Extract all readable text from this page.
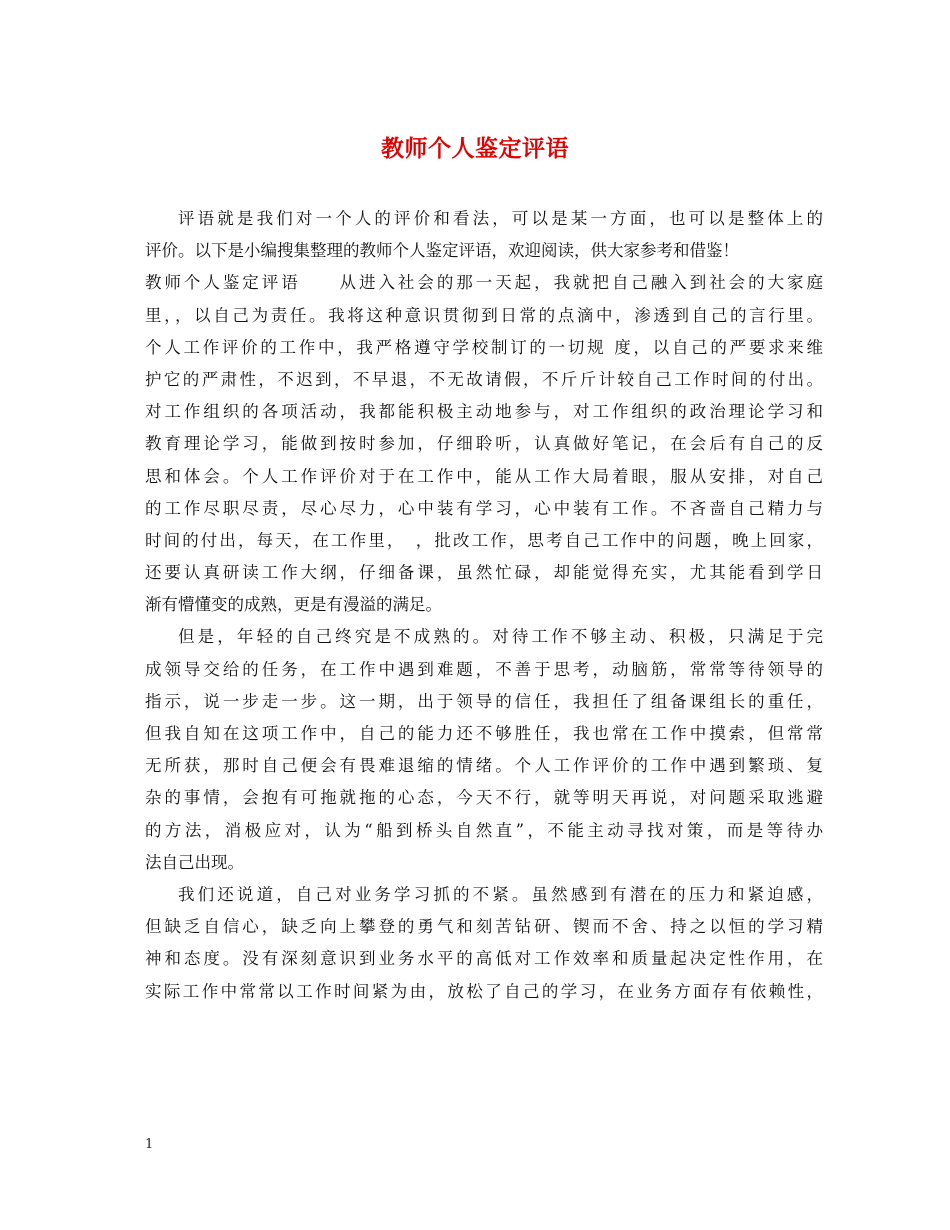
教师个人鉴定评语
评语就是我们对一个人的评价和看法，可以是某一方面，也可以是整体上的
评价。以下是小编搜集整理的教师个人鉴定评语，欢迎阅读，供大家参考和借鉴！
教师个人鉴定评语　　从进入社会的那一天起，我就把自己融入到社会的大家庭
里，，以自己为责任。我将这种意识贯彻到日常的点滴中，渗透到自己的言行里。
个人工作评价的工作中，我严格遵守学校制订的一切规 度，以自己的严要求来维
护它的严肃性，不迟到，不早退，不无故请假，不斤斤计较自己工作时间的付出。
对工作组织的各项活动，我都能积极主动地参与，对工作组织的政治理论学习和
教育理论学习，能做到按时参加，仔细聆听，认真做好笔记，在会后有自己的反
思和体会。个人工作评价对于在工作中，能从工作大局着眼，服从安排，对自己
的工作尽职尽责，尽心尽力，心中装有学习，心中装有工作。不吝啬自己精力与
时间的付出，每天，在工作里，　，批改工作，思考自己工作中的问题，晚上回家，
还要认真研读工作大纲，仔细备课，虽然忙碌，却能觉得充实，尤其能看到学日
渐有懵懂变的成熟，更是有漫溢的满足。
但是，年轻的自己终究是不成熟的。对待工作不够主动、积极，只满足于完
成领导交给的任务，在工作中遇到难题，不善于思考，动脑筋，常常等待领导的
指示，说一步走一步。这一期，出于领导的信任，我担任了组备课组长的重任，
但我自知在这项工作中，自己的能力还不够胜任，我也常在工作中摸索，但常常
无所获，那时自己便会有畏难退缩的情绪。个人工作评价的工作中遇到繁琐、复
杂的事情，会抱有可拖就拖的心态，今天不行，就等明天再说，对问题采取逃避
的方法，消极应对，认为“船到桥头自然直”，不能主动寻找对策，而是等待办
法自己出现。
我们还说道，自己对业务学习抓的不紧。虽然感到有潜在的压力和紧迫感，
但缺乏自信心，缺乏向上攀登的勇气和刻苦钻研、锲而不舍、持之以恒的学习精
神和态度。没有深刻意识到业务水平的高低对工作效率和质量起决定性作用，在
实际工作中常常以工作时间紧为由，放松了自己的学习，在业务方面存有依赖性，
1
